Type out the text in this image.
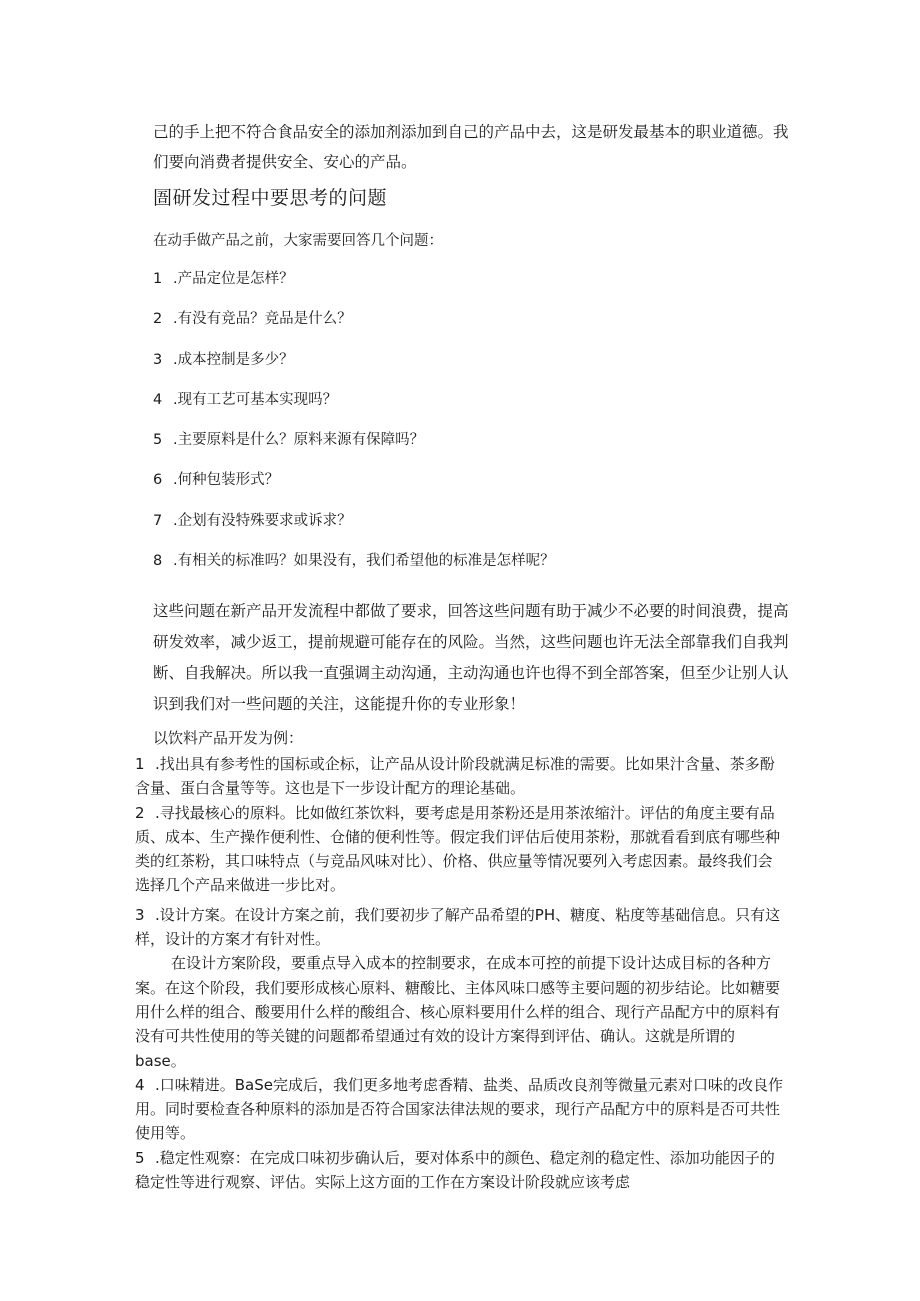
己的手上把不符合食品安全的添加剂添加到自己的产品中去，这是研发最基本的职业道德。我们要向消费者提供安全、安心的产品。
圄研发过程中要思考的问题
在动手做产品之前，大家需要回答几个问题：
1 .产品定位是怎样？
2 .有没有竞品？竞品是什么？
3 .成本控制是多少？
4 .现有工艺可基本实现吗？
5 .主要原料是什么？原料来源有保障吗？
6 .何种包装形式？
7 .企划有没特殊要求或诉求？
8 .有相关的标准吗？如果没有，我们希望他的标准是怎样呢？
这些问题在新产品开发流程中都做了要求，回答这些问题有助于减少不必要的时间浪费，提高研发效率，减少返工，提前规避可能存在的风险。当然，这些问题也许无法全部靠我们自我判断、自我解决。所以我一直强调主动沟通，主动沟通也许也得不到全部答案，但至少让别人认识到我们对一些问题的关注，这能提升你的专业形象！
以饮料产品开发为例：

1 .找出具有参考性的国标或企标，让产品从设计阶段就满足标准的需要。比如果汁含量、茶多酚含量、蛋白含量等等。这也是下一步设计配方的理论基础。

2 .寻找最核心的原料。比如做红茶饮料，要考虑是用茶粉还是用茶浓缩汁。评估的角度主要有品质、成本、生产操作便利性、仓储的便利性等。假定我们评估后使用茶粉，那就看看到底有哪些种类的红茶粉，其口味特点（与竞品风味对比）、价格、供应量等情况要列入考虑因素。最终我们会选择几个产品来做进一步比对。

3 .设计方案。在设计方案之前，我们要初步了解产品希望的PH、糖度、粘度等基础信息。只有这样，设计的方案才有针对性。

在设计方案阶段，要重点导入成本的控制要求，在成本可控的前提下设计达成目标的各种方案。在这个阶段，我们要形成核心原料、糖酸比、主体风味口感等主要问题的初步结论。比如糖要用什么样的组合、酸要用什么样的酸组合、核心原料要用什么样的组合、现行产品配方中的原料有没有可共性使用的等关键的问题都希望通过有效的设计方案得到评估、确认。这就是所谓的base。

4 .口味精进。BaSe完成后，我们更多地考虑香精、盐类、品质改良剂等微量元素对口味的改良作用。同时要检查各种原料的添加是否符合国家法律法规的要求，现行产品配方中的原料是否可共性使用等。

5 .稳定性观察：在完成口味初步确认后，要对体系中的颜色、稳定剂的稳定性、添加功能因子的稳定性等进行观察、评估。实际上这方面的工作在方案设计阶段就应该考虑
